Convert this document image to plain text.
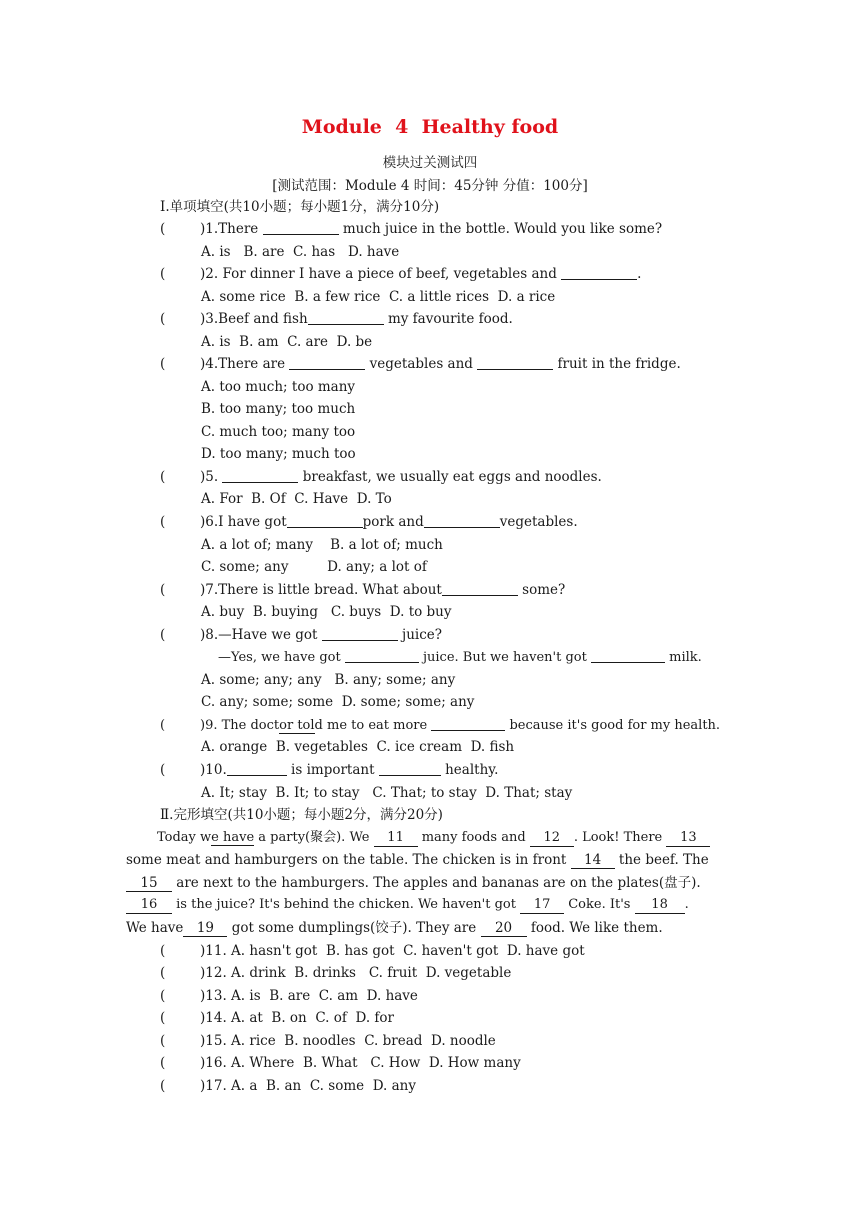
Module  4  Healthy food
模块过关测试四
[测试范围：Module 4 时间：45分钟 分值：100分]
Ⅰ.单项填空(共10小题；每小题1分，满分10分)
(	)1.There	much juice in the bottle. Would you like some?
A. is   B. are  C. has   D. have
(	)2. For dinner I have a piece of beef, vegetables and	.
A. some rice  B. a few rice  C. a little rices  D. a rice
(	)3.Beef and fish	my favourite food.
A. is  B. am  C. are  D. be
(	)4.There are	vegetables and	fruit in the fridge.
A. too much; too many
B. too many; too much
C. much too; many too
D. too many; much too
(	)5.	breakfast, we usually eat eggs and noodles.
A. For  B. Of  C. Have  D. To
(	)6.I have got	pork and	vegetables.
A. a lot of; many    B. a lot of; much
C. some; any         D. any; a lot of
(	)7.There is little bread. What about	some?
A. buy  B. buying   C. buys  D. to buy
(	)8.—Have we got	juice?
—Yes, we have got	juice. But we haven't got	milk.
A. some; any; any   B. any; some; any
C. any; some; some  D. some; some; any
(	)9. The doctor told me to eat more	because it's good for my health.
A. orange  B. vegetables  C. ice cream  D. fish
(	)10.	is important	healthy.
A. It; stay  B. It; to stay   C. That; to stay  D. That; stay
Ⅱ.完形填空(共10小题；每小题2分，满分20分)
Today we have a party(聚会). We 11 many foods and 12 . Look! There 13
some meat and hamburgers on the table. The chicken is in front 14 the beef. The
15 are next to the hamburgers. The apples and bananas are on the plates(盘子).
16 is the juice? It's behind the chicken. We haven't got 17 Coke. It's 18 .
We have 19 got some dumplings(饺子). They are 20 food. We like them.
(	)11. A. hasn't got  B. has got  C. haven't got  D. have got
(	)12. A. drink  B. drinks   C. fruit  D. vegetable
(	)13. A. is  B. are  C. am  D. have
(	)14. A. at  B. on  C. of  D. for
(	)15. A. rice  B. noodles  C. bread  D. noodle
(	)16. A. Where  B. What   C. How  D. How many
(	)17. A. a  B. an  C. some  D. any
